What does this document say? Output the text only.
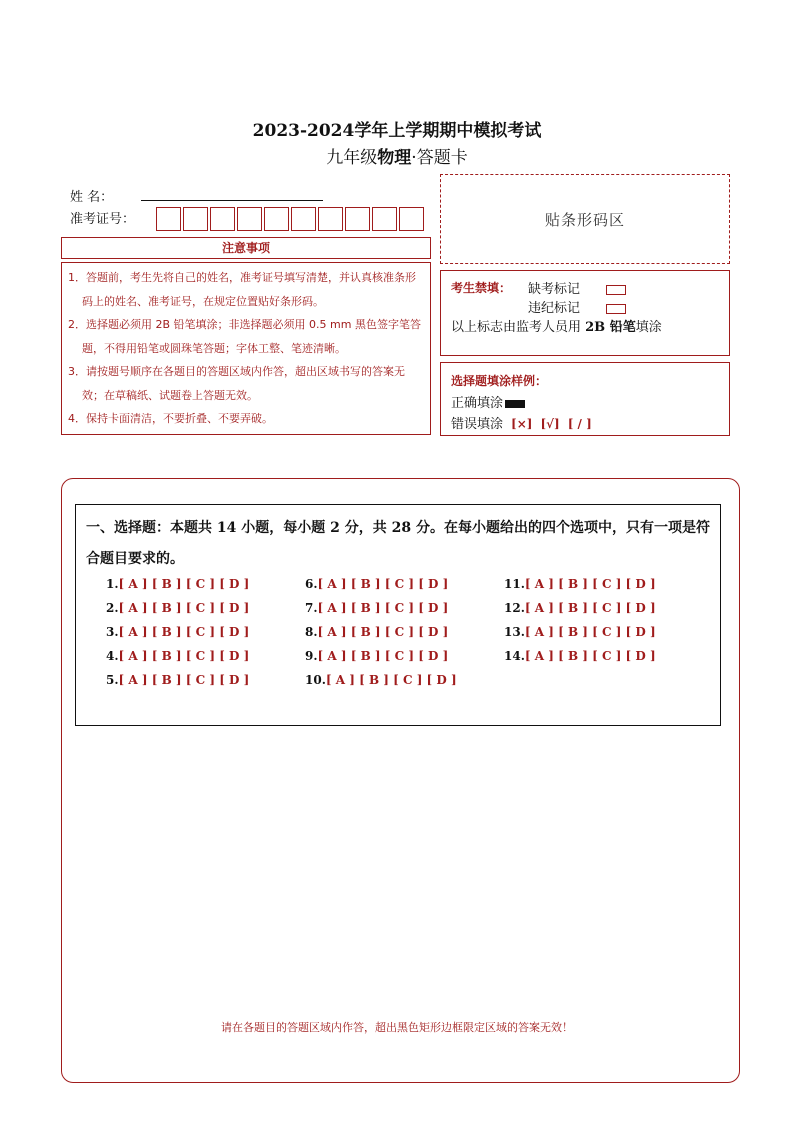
2023-2024学年上学期期中模拟考试
九年级物理·答题卡
姓 名：
准考证号：	贴条形码区
注意事项
1．答题前，考生先将自己的姓名，准考证号填写清楚，并认真核准条形码上的姓名、准考证号，在规定位置贴好条形码。
2．选择题必须用 2B 铅笔填涂；非选择题必须用 0.5 mm 黑色签字笔答题，不得用铅笔或圆珠笔答题；字体工整、笔迹清晰。
3．请按题号顺序在各题目的答题区域内作答，超出区域书写的答案无效；在草稿纸、试题卷上答题无效。
4．保持卡面清洁，不要折叠、不要弄破。
考生禁填： 缺考标记
违纪标记
以上标志由监考人员用 2B 铅笔填涂
选择题填涂样例：
正确填涂
错误填涂 [×] [√] [ / ]
一、选择题：本题共 14 小题，每小题 2 分，共 28 分。在每小题给出的四个选项中，只有一项是符合题目要求的。
1.[ A ] [ B ] [ C ] [ D ]
2.[ A ] [ B ] [ C ] [ D ]
3.[ A ] [ B ] [ C ] [ D ]
4.[ A ] [ B ] [ C ] [ D ]
5.[ A ] [ B ] [ C ] [ D ]
6.[ A ] [ B ] [ C ] [ D ]
7.[ A ] [ B ] [ C ] [ D ]
8.[ A ] [ B ] [ C ] [ D ]
9.[ A ] [ B ] [ C ] [ D ]
10.[ A ] [ B ] [ C ] [ D ]
11.[ A ] [ B ] [ C ] [ D ]
12.[ A ] [ B ] [ C ] [ D ]
13.[ A ] [ B ] [ C ] [ D ]
14.[ A ] [ B ] [ C ] [ D ]
请在各题目的答题区域内作答，超出黑色矩形边框限定区域的答案无效！
